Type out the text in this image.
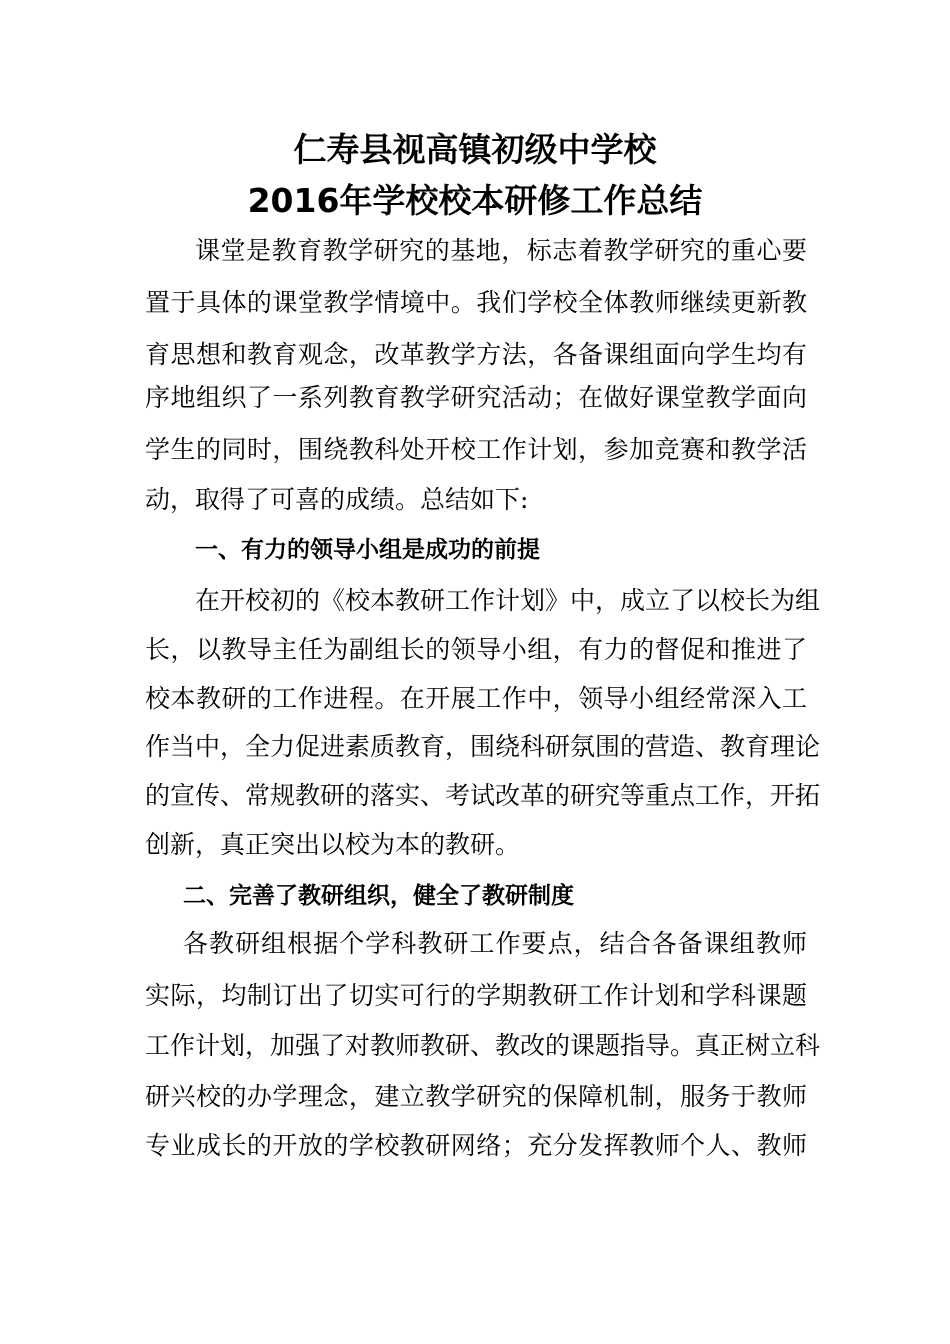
仁寿县视高镇初级中学校
2016年学校校本研修工作总结
课堂是教育教学研究的基地，标志着教学研究的重心要
置于具体的课堂教学情境中。我们学校全体教师继续更新教
育思想和教育观念，改革教学方法，各备课组面向学生均有
序地组织了一系列教育教学研究活动；在做好课堂教学面向
学生的同时，围绕教科处开校工作计划，参加竞赛和教学活
动，取得了可喜的成绩。总结如下:
一、有力的领导小组是成功的前提
在开校初的《校本教研工作计划》中，成立了以校长为组
长，以教导主任为副组长的领导小组，有力的督促和推进了
校本教研的工作进程。在开展工作中，领导小组经常深入工
作当中，全力促进素质教育，围绕科研氛围的营造、教育理论
的宣传、常规教研的落实、考试改革的研究等重点工作，开拓
创新，真正突出以校为本的教研。
二、完善了教研组织，健全了教研制度
各教研组根据个学科教研工作要点，结合各备课组教师
实际，均制订出了切实可行的学期教研工作计划和学科课题
工作计划，加强了对教师教研、教改的课题指导。真正树立科
研兴校的办学理念，建立教学研究的保障机制，服务于教师
专业成长的开放的学校教研网络；充分发挥教师个人、教师
